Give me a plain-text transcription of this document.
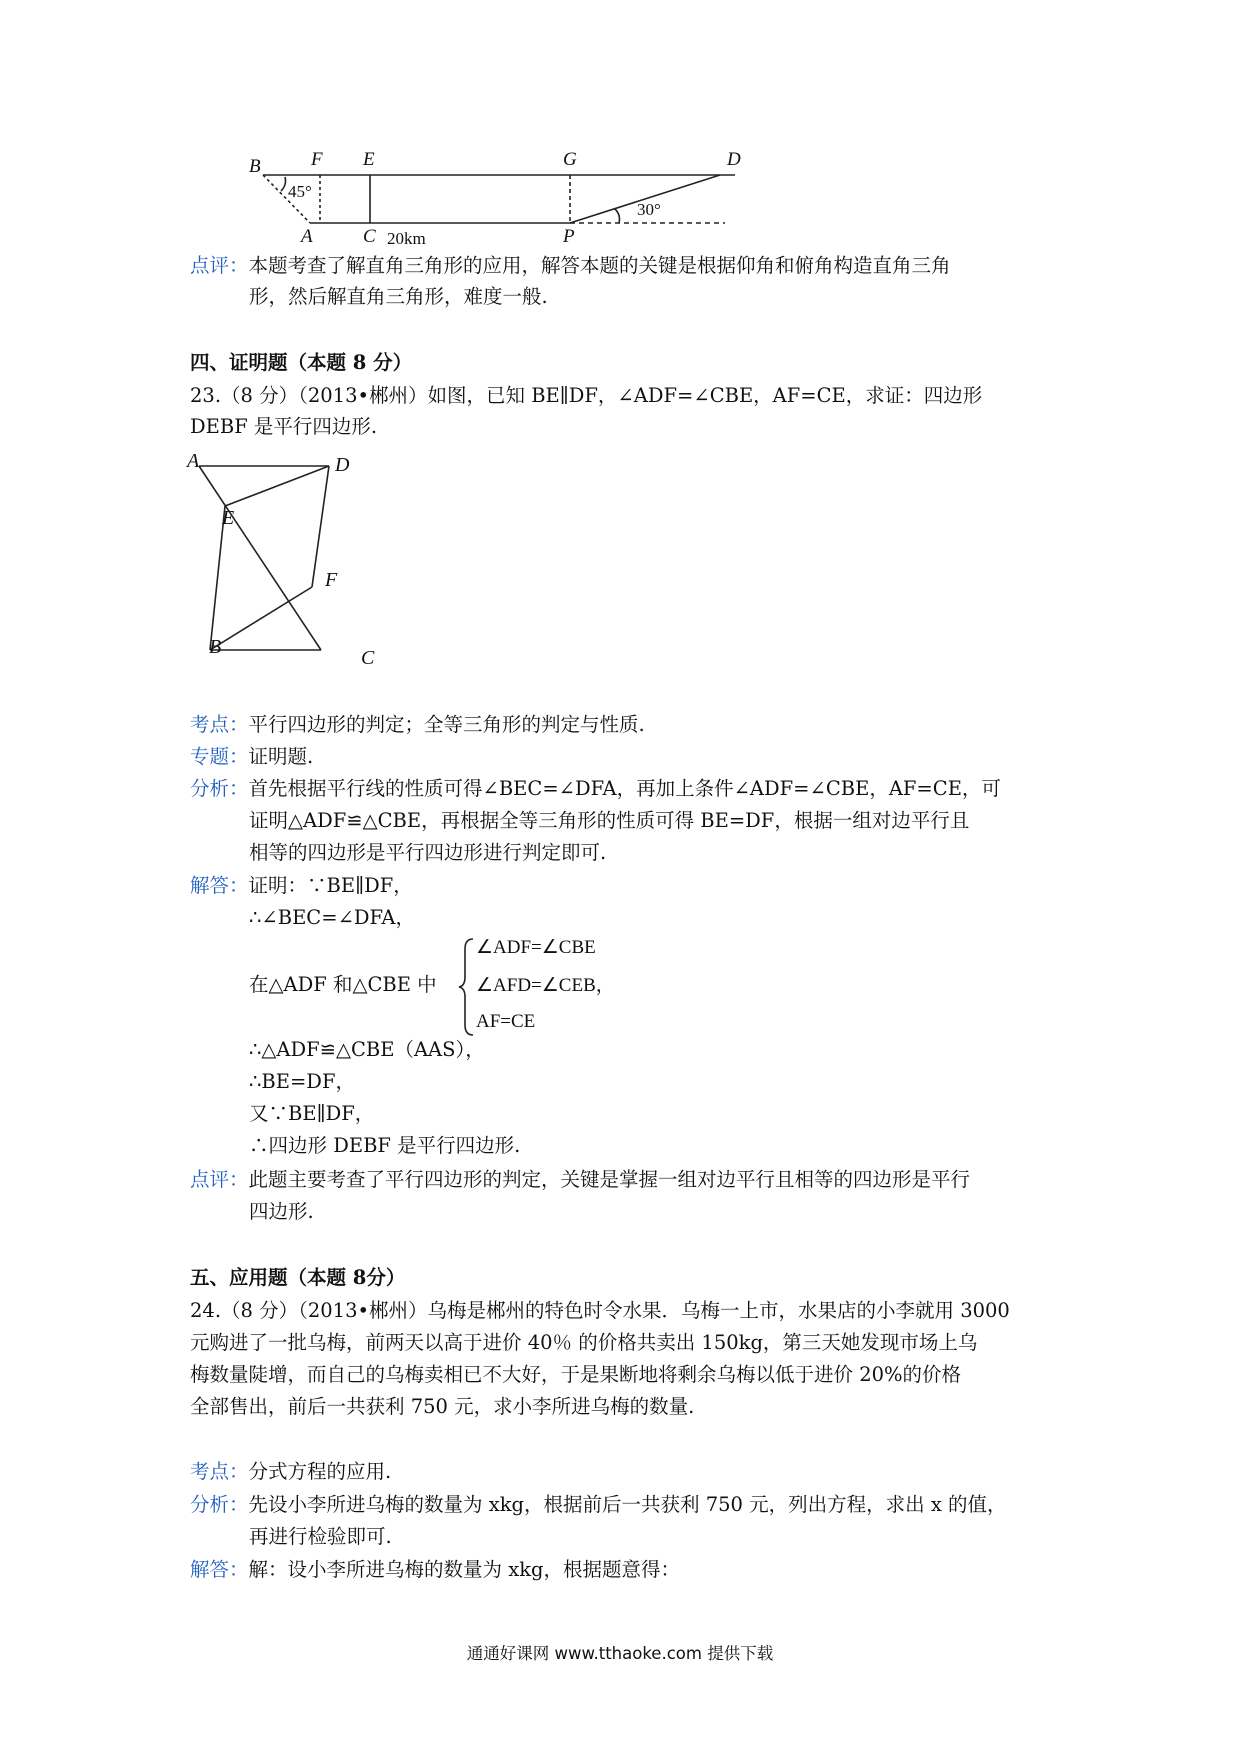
B	F E	G	D
A	C	P
45°
30°
20km
点评：本题考查了解直角三角形的应用，解答本题的关键是根据仰角和俯角构造直角三角
形，然后解直角三角形，难度一般.
四、证明题（本题 8 分）
23.（8 分）（2013•郴州）如图，已知 BE∥DF，∠ADF=∠CBE，AF=CE，求证：四边形
DEBF 是平行四边形.
A	D
E
F
B	C
考点：平行四边形的判定；全等三角形的判定与性质.
专题：证明题.
分析：首先根据平行线的性质可得∠BEC=∠DFA，再加上条件∠ADF=∠CBE，AF=CE，可
证明△ADF≌△CBE，再根据全等三角形的性质可得 BE=DF，根据一组对边平行且
相等的四边形是平行四边形进行判定即可.
解答：证明：∵BE∥DF，
∴∠BEC=∠DFA，
在△ADF 和△CBE 中
∠ADF=∠CBE
∠AFD=∠CEB，
AF=CE
∴△ADF≌△CBE（AAS），
∴BE=DF，
又∵BE∥DF，
∴四边形 DEBF 是平行四边形.
点评：此题主要考查了平行四边形的判定，关键是掌握一组对边平行且相等的四边形是平行
四边形.
五、应用题（本题 8分）
24.（8 分）（2013•郴州）乌梅是郴州的特色时令水果．乌梅一上市，水果店的小李就用 3000
元购进了一批乌梅，前两天以高于进价 40％ 的价格共卖出 150kg，第三天她发现市场上乌
梅数量陡增，而自己的乌梅卖相已不大好，于是果断地将剩余乌梅以低于进价 20%的价格
全部售出，前后一共获利 750 元，求小李所进乌梅的数量.
考点：分式方程的应用.
分析：先设小李所进乌梅的数量为 xkg，根据前后一共获利 750 元，列出方程，求出 x 的值，
再进行检验即可.
解答：解：设小李所进乌梅的数量为 xkg，根据题意得：
通通好课网 www.tthaoke.com 提供下载
